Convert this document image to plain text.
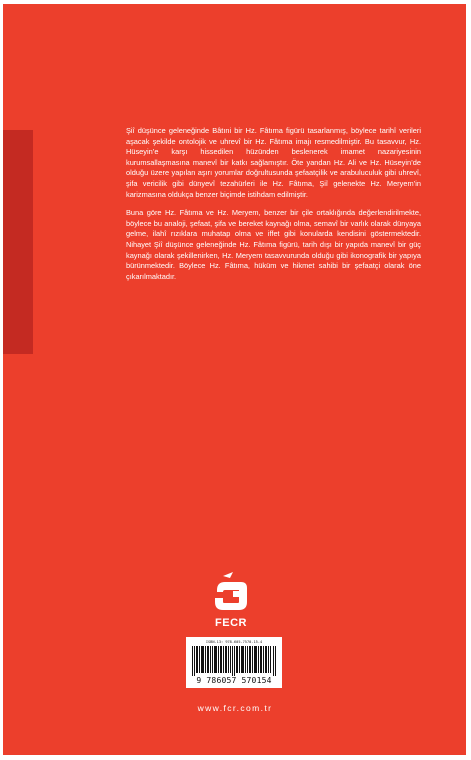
Şiî düşünce geleneğinde Bâtıni bir Hz. Fâtıma figürü tasarlanmış, böylece tarihî verileri aşacak şekilde ontolojik ve uhrevî bir Hz. Fâtıma imajı resmedilmiştir. Bu tasavvur, Hz. Hüseyin’e karşı hissedilen hüzünden beslenerek imamet nazariyesinin kurumsallaşmasına manevî bir katkı sağlamıştır. Öte yandan Hz. Ali ve Hz. Hüseyin’de olduğu üzere yapılan aşırı yorumlar doğrultusunda şefaatçilik ve arabuluculuk gibi uhrevî, şifa vericilik gibi dünyevî tezahürleri ile Hz. Fâtıma, Şiî gelenekte Hz. Meryem’in karizmasına oldukça benzer biçimde istihdam edilmiştir.

Buna göre Hz. Fâtıma ve Hz. Meryem, benzer bir çile ortaklığında değerlendirilmekte, böylece bu analoji, şefaat, şifa ve bereket kaynağı olma, semavî bir varlık olarak dünyaya gelme, ilahî rızıklara muhatap olma ve iffet gibi konularda kendisini göstermektedir. Nihayet Şiî düşünce geleneğinde Hz. Fâtıma figürü, tarih dışı bir yapıda manevî bir güç kaynağı olarak şekillenirken, Hz. Meryem tasavvurunda olduğu gibi ikonografik bir yapıya bürünmektedir. Böylece Hz. Fâtıma, hüküm ve hikmet sahibi bir şefaatçi olarak öne çıkarılmaktadır.

FECR
ISBN-13: 978-605-7570-15-4
9 786057 570154
www.fcr.com.tr
